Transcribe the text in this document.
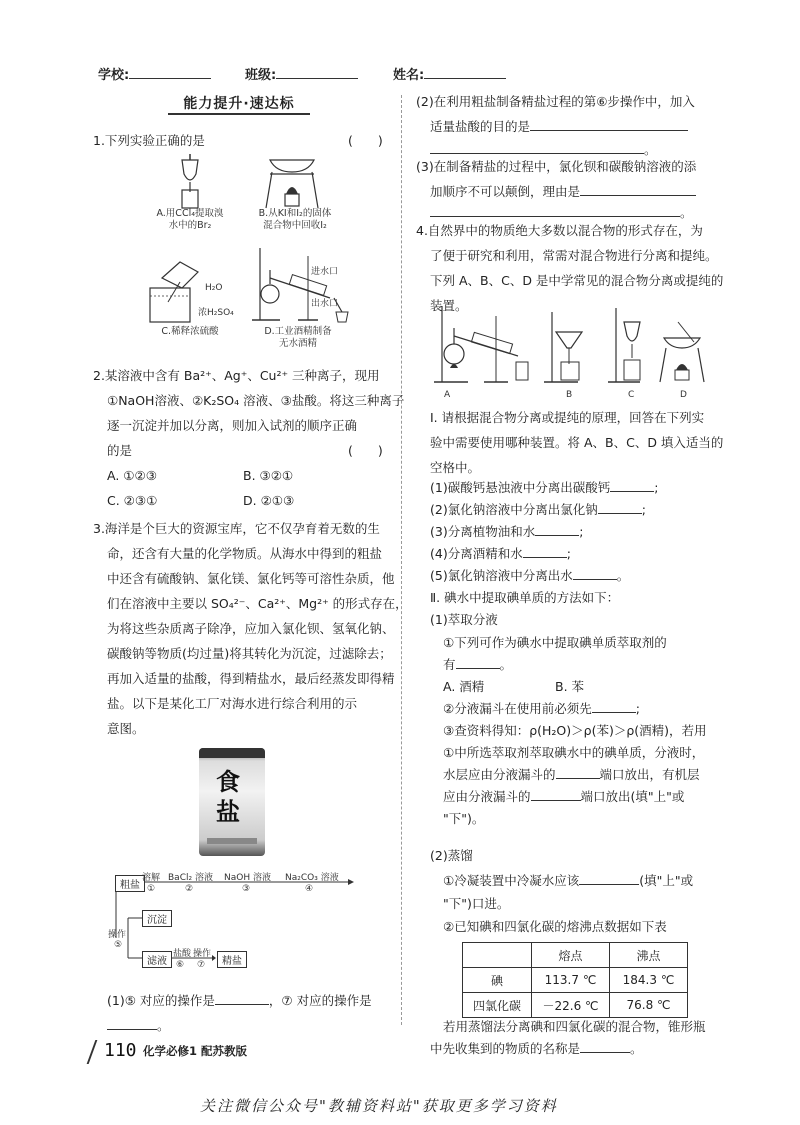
学校:	班级:	姓名:
能力提升·速达标
1.下列实验正确的是	(　　)
A.用CCl₄提取溴
水中的Br₂
B.从KI和I₂的固体
混合物中回收I₂
H₂O
浓H₂SO₄
C.稀释浓硫酸
进水口
出水口
D.工业酒精制备
无水酒精
2.某溶液中含有 Ba²⁺、Ag⁺、Cu²⁺ 三种离子，现用
①NaOH溶液、②K₂SO₄ 溶液、③盐酸。将这三种离子
逐一沉淀并加以分离，则加入试剂的顺序正确
的是	(　　)
A. ①②③	B. ③②①
C. ②③①	D. ②①③
3.海洋是个巨大的资源宝库，它不仅孕育着无数的生
命，还含有大量的化学物质。从海水中得到的粗盐
中还含有硫酸钠、氯化镁、氯化钙等可溶性杂质，他
们在溶液中主要以 SO₄²⁻、Ca²⁺、Mg²⁺ 的形式存在，
为将这些杂质离子除净，应加入氯化钡、氢氧化钠、
碳酸钠等物质(均过量)将其转化为沉淀，过滤除去；
再加入适量的盐酸，得到精盐水，最后经蒸发即得精
盐。以下是某化工厂对海水进行综合利用的示
意图。
食
盐
粗盐
溶解
①
BaCl₂ 溶液
②
NaOH 溶液
③
Na₂CO₃ 溶液
④
操作
⑤
沉淀
滤液
盐酸
⑥
操作
⑦	精盐
(1)⑤ 对应的操作是	，⑦ 对应的操作是
。
(2)在利用粗盐制备精盐过程的第⑥步操作中，加入
适量盐酸的目的是
。
(3)在制备精盐的过程中，氯化钡和碳酸钠溶液的添
加顺序不可以颠倒，理由是
。
4.自然界中的物质绝大多数以混合物的形式存在，为
了便于研究和利用，常需对混合物进行分离和提纯。
下列 A、B、C、D 是中学常见的混合物分离或提纯的
装置。
A	B	C	D
Ⅰ. 请根据混合物分离或提纯的原理，回答在下列实
验中需要使用哪种装置。将 A、B、C、D 填入适当的
空格中。
(1)碳酸钙悬浊液中分离出碳酸钙	;
(2)氯化钠溶液中分离出氯化钠	;
(3)分离植物油和水	;
(4)分离酒精和水	;
(5)氯化钠溶液中分离出水	。
Ⅱ. 碘水中提取碘单质的方法如下：
(1)萃取分液
①下列可作为碘水中提取碘单质萃取剂的
有	。
A. 酒精	B. 苯
②分液漏斗在使用前必须先	;
③查资料得知：ρ(H₂O)＞ρ(苯)＞ρ(酒精)，若用
①中所选萃取剂萃取碘水中的碘单质，分液时，
水层应由分液漏斗的	端口放出，有机层
应由分液漏斗的	端口放出(填"上"或
"下")。
(2)蒸馏
①冷凝装置中冷凝水应该	(填"上"或
"下")口进。
②已知碘和四氯化碳的熔沸点数据如下表
	熔点	沸点
碘	113.7 ℃	184.3 ℃
四氯化碳	－22.6 ℃	76.8 ℃
110 化学必修1 配苏教版
关注微信公众号"教辅资料站"获取更多学习资料
若用蒸馏法分离碘和四氯化碳的混合物，锥形瓶
中先收集到的物质的名称是	。
